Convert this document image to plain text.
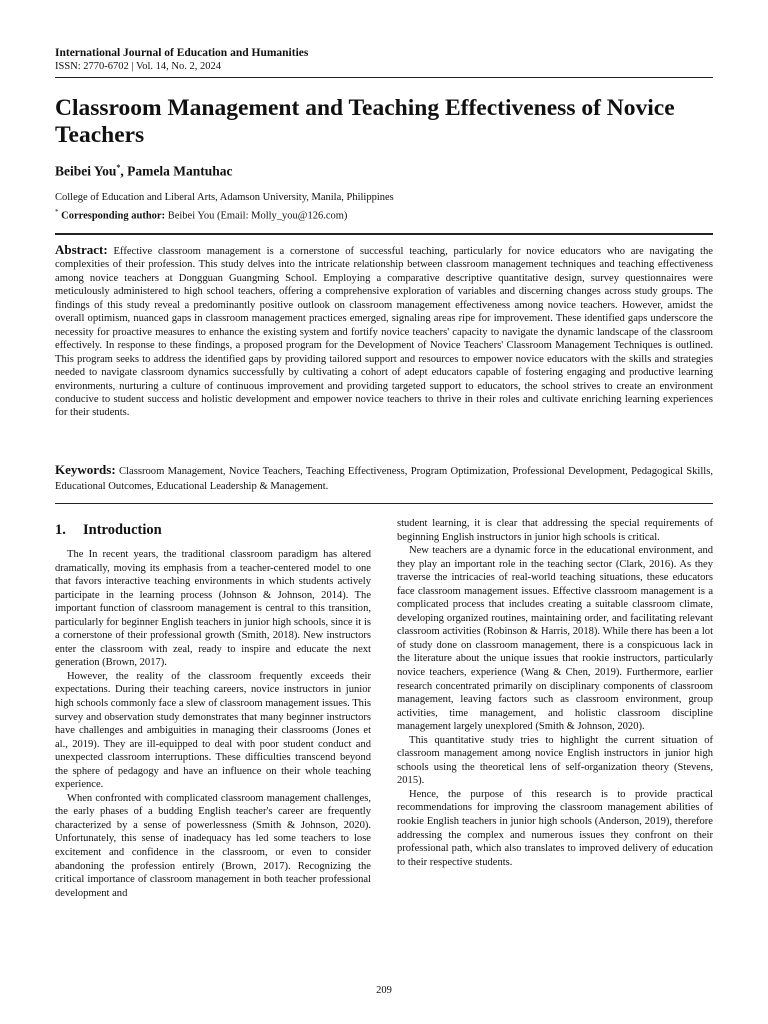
International Journal of Education and Humanities
ISSN: 2770-6702 | Vol. 14, No. 2, 2024
Classroom Management and Teaching Effectiveness of Novice Teachers
Beibei You*, Pamela Mantuhac
College of Education and Liberal Arts, Adamson University, Manila, Philippines
* Corresponding author: Beibei You (Email: Molly_you@126.com)

Abstract: Effective classroom management is a cornerstone of successful teaching, particularly for novice educators who are navigating the complexities of their profession. This study delves into the intricate relationship between classroom management techniques and teaching effectiveness among novice teachers at Dongguan Guangming School. Employing a comparative descriptive quantitative design, survey questionnaires were meticulously administered to high school teachers, offering a comprehensive exploration of variables and discerning changes across study groups. The findings of this study reveal a predominantly positive outlook on classroom management effectiveness among novice teachers. However, amidst the overall optimism, nuanced gaps in classroom management practices emerged, signaling areas ripe for improvement. These identified gaps underscore the necessity for proactive measures to enhance the existing system and fortify novice teachers' capacity to navigate the dynamic landscape of the classroom effectively. In response to these findings, a proposed program for the Development of Novice Teachers' Classroom Management Techniques is outlined. This program seeks to address the identified gaps by providing tailored support and resources to empower novice educators with the skills and strategies needed to navigate classroom dynamics successfully by cultivating a cohort of adept educators capable of fostering engaging and productive learning environments, nurturing a culture of continuous improvement and providing targeted support to educators, the school strives to create an environment conducive to student success and holistic development and empower novice teachers to thrive in their roles and cultivate enriching learning experiences for their students.

Keywords: Classroom Management, Novice Teachers, Teaching Effectiveness, Program Optimization, Professional Development, Pedagogical Skills, Educational Outcomes, Educational Leadership & Management.

1. Introduction

The In recent years, the traditional classroom paradigm has altered dramatically, moving its emphasis from a teacher-centered model to one that favors interactive teaching environments in which students actively participate in the learning process (Johnson & Johnson, 2014). The important function of classroom management is central to this transition, particularly for beginner English teachers in junior high schools, since it is a cornerstone of their professional growth (Smith, 2018). New instructors enter the classroom with zeal, ready to inspire and educate the next generation (Brown, 2017).

However, the reality of the classroom frequently exceeds their expectations. During their teaching careers, novice instructors in junior high schools commonly face a slew of classroom management issues. This survey and observation study demonstrates that many beginner instructors have challenges and ambiguities in managing their classrooms (Jones et al., 2019). They are ill-equipped to deal with poor student conduct and unexpected classroom interruptions. These difficulties transcend beyond the sphere of pedagogy and have an influence on their whole teaching experience.

When confronted with complicated classroom management challenges, the early phases of a budding English teacher's career are frequently characterized by a sense of powerlessness (Smith & Johnson, 2020). Unfortunately, this sense of inadequacy has led some teachers to lose excitement and confidence in the classroom, or even to consider abandoning the profession entirely (Brown, 2017). Recognizing the critical importance of classroom management in both teacher professional development and

student learning, it is clear that addressing the special requirements of beginning English instructors in junior high schools is critical.

New teachers are a dynamic force in the educational environment, and they play an important role in the teaching sector (Clark, 2016). As they traverse the intricacies of real-world teaching situations, these educators face classroom management issues. Effective classroom management is a complicated process that includes creating a suitable classroom climate, developing organized routines, maintaining order, and facilitating relevant classroom activities (Robinson & Harris, 2018). While there has been a lot of study done on classroom management, there is a conspicuous lack in the literature about the unique issues that rookie instructors, particularly novice teachers, experience (Wang & Chen, 2019). Furthermore, earlier research concentrated primarily on disciplinary components of classroom management, leaving factors such as classroom environment, group activities, time management, and holistic classroom discipline management largely unexplored (Smith & Johnson, 2020).

This quantitative study tries to highlight the current situation of classroom management among novice English instructors in junior high schools using the theoretical lens of self-organization theory (Stevens, 2015).

Hence, the purpose of this research is to provide practical recommendations for improving the classroom management abilities of rookie English teachers in junior high schools (Anderson, 2019), therefore addressing the complex and numerous issues they confront on their professional path, which also translates to improved delivery of education to their respective students.

209
